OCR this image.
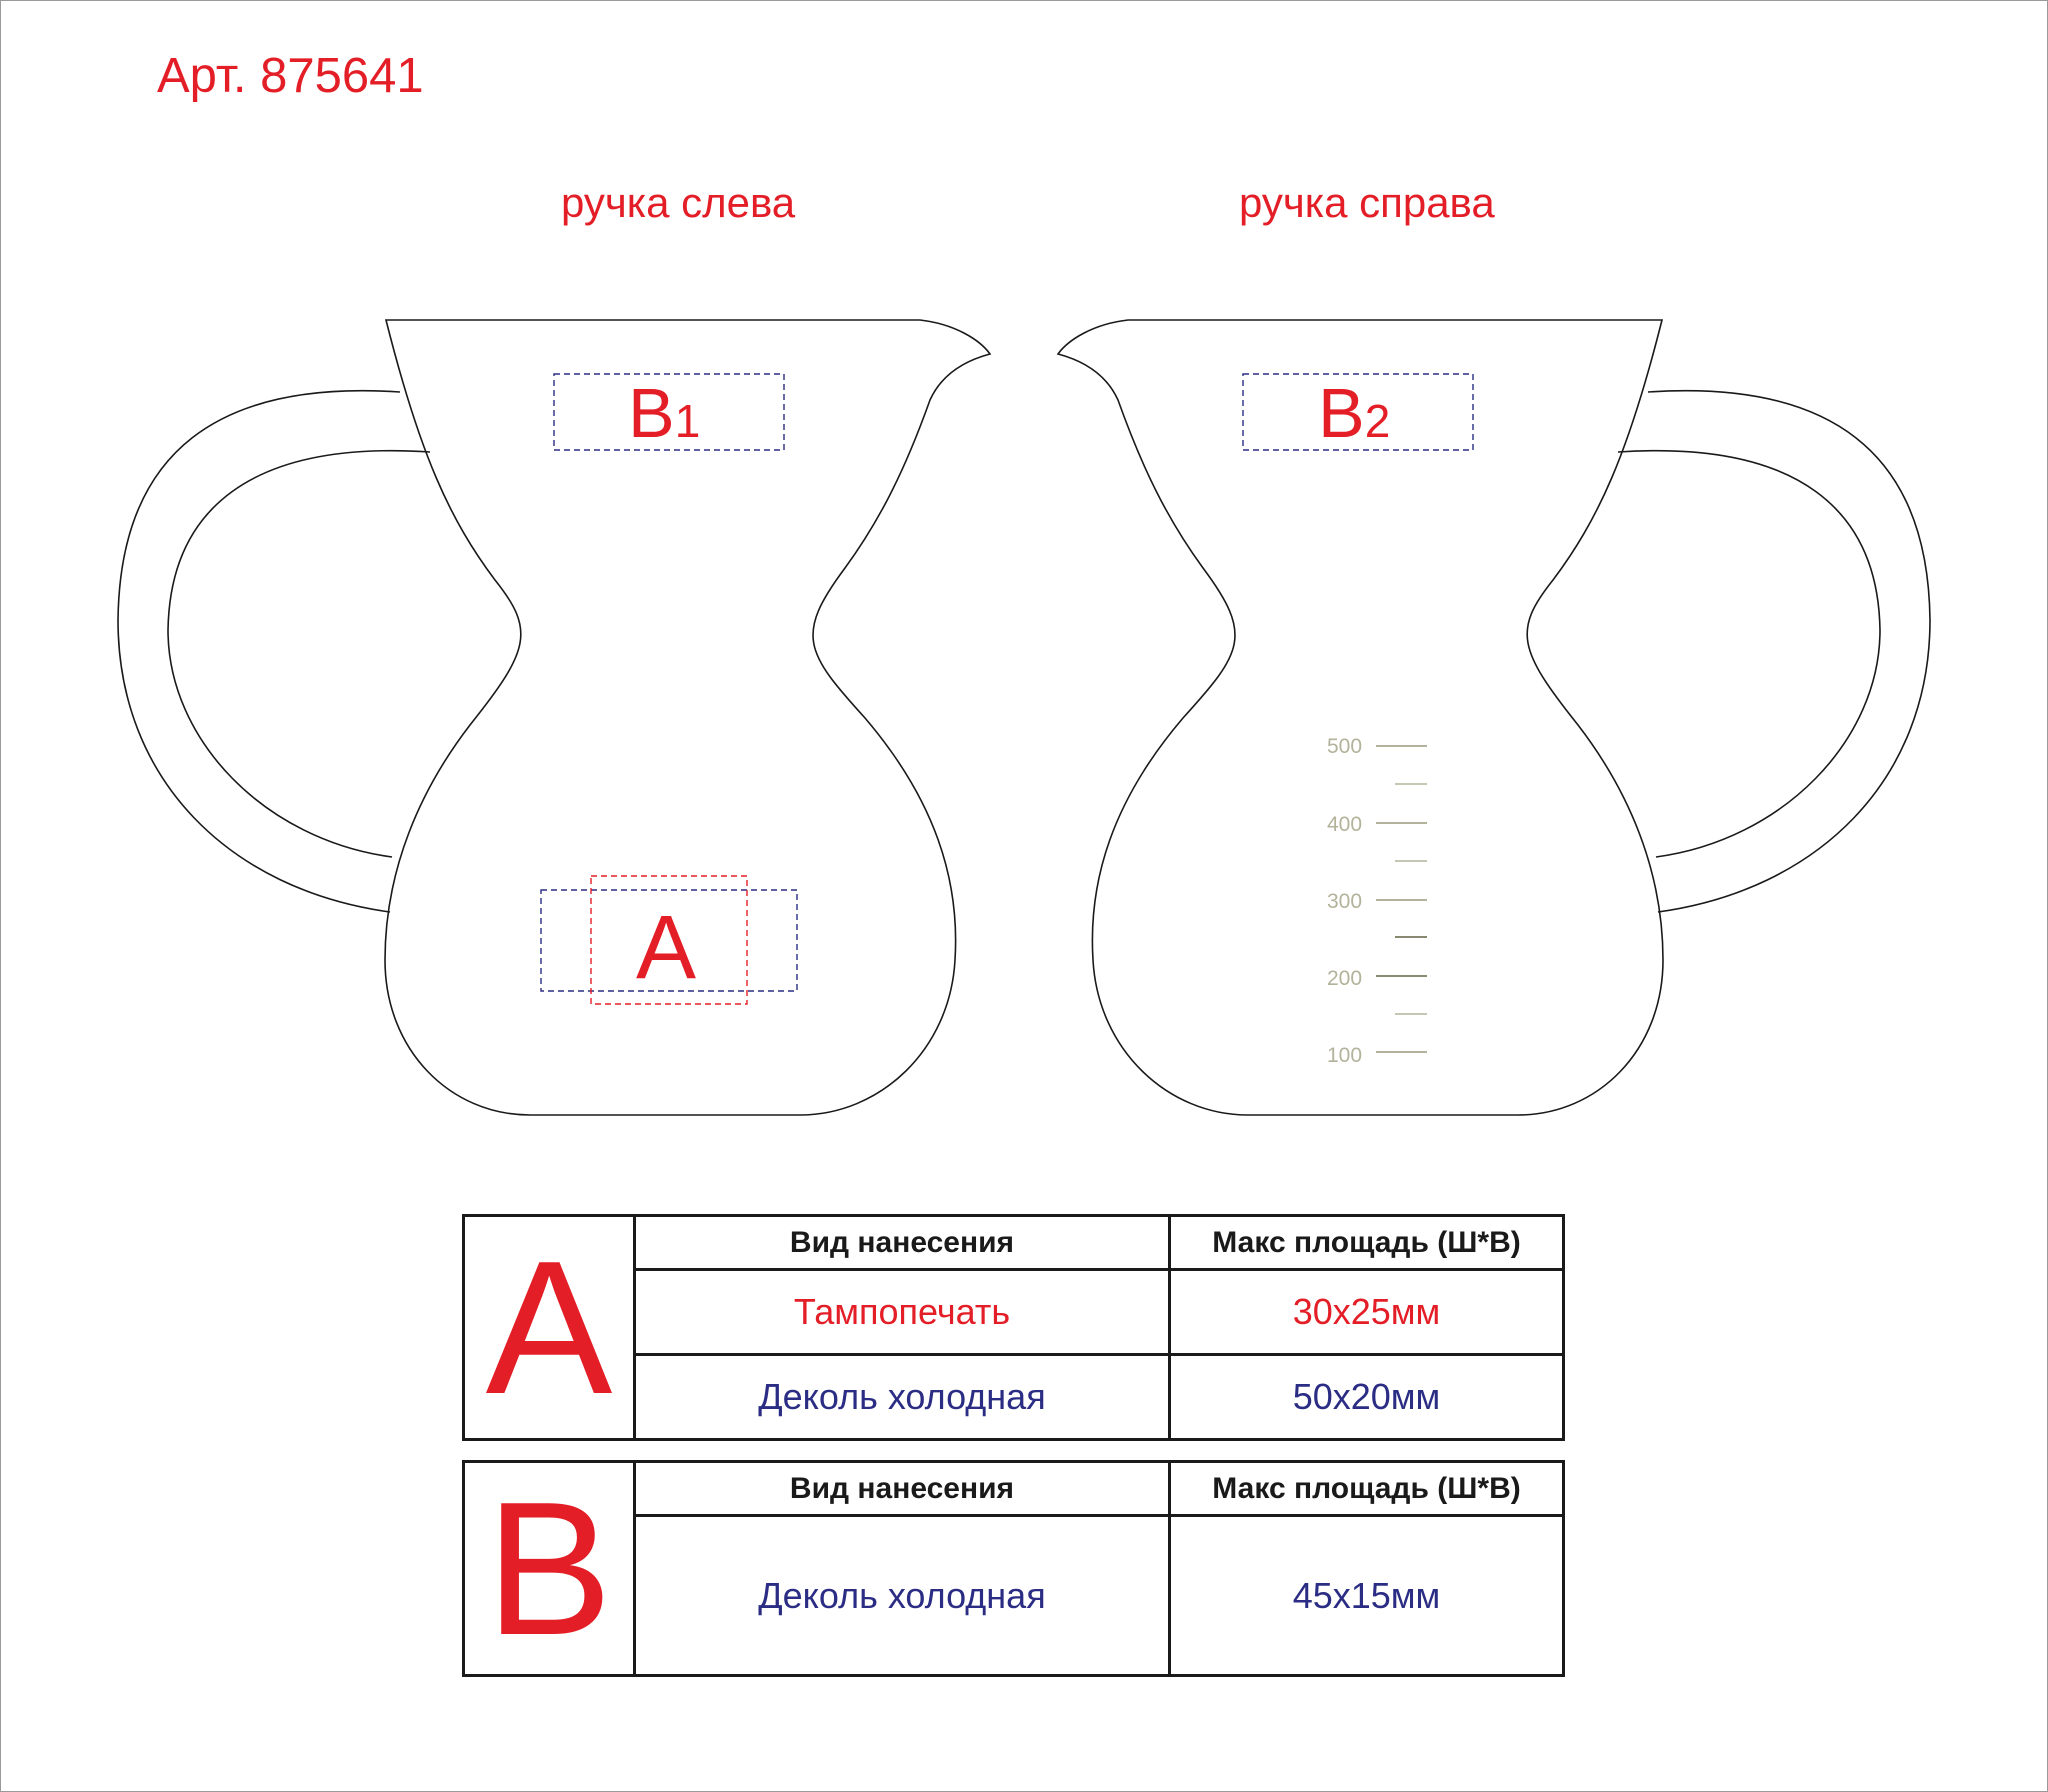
Арт. 875641
ручка слева	ручка справа
B1	B2
A
500
400
300
200
100
A	Вид нанесения	Макс площадь (Ш*В)
	Тампопечать	30x25мм
	Деколь холодная	50x20мм
B	Вид нанесения	Макс площадь (Ш*В)
	Деколь холодная	45x15мм
